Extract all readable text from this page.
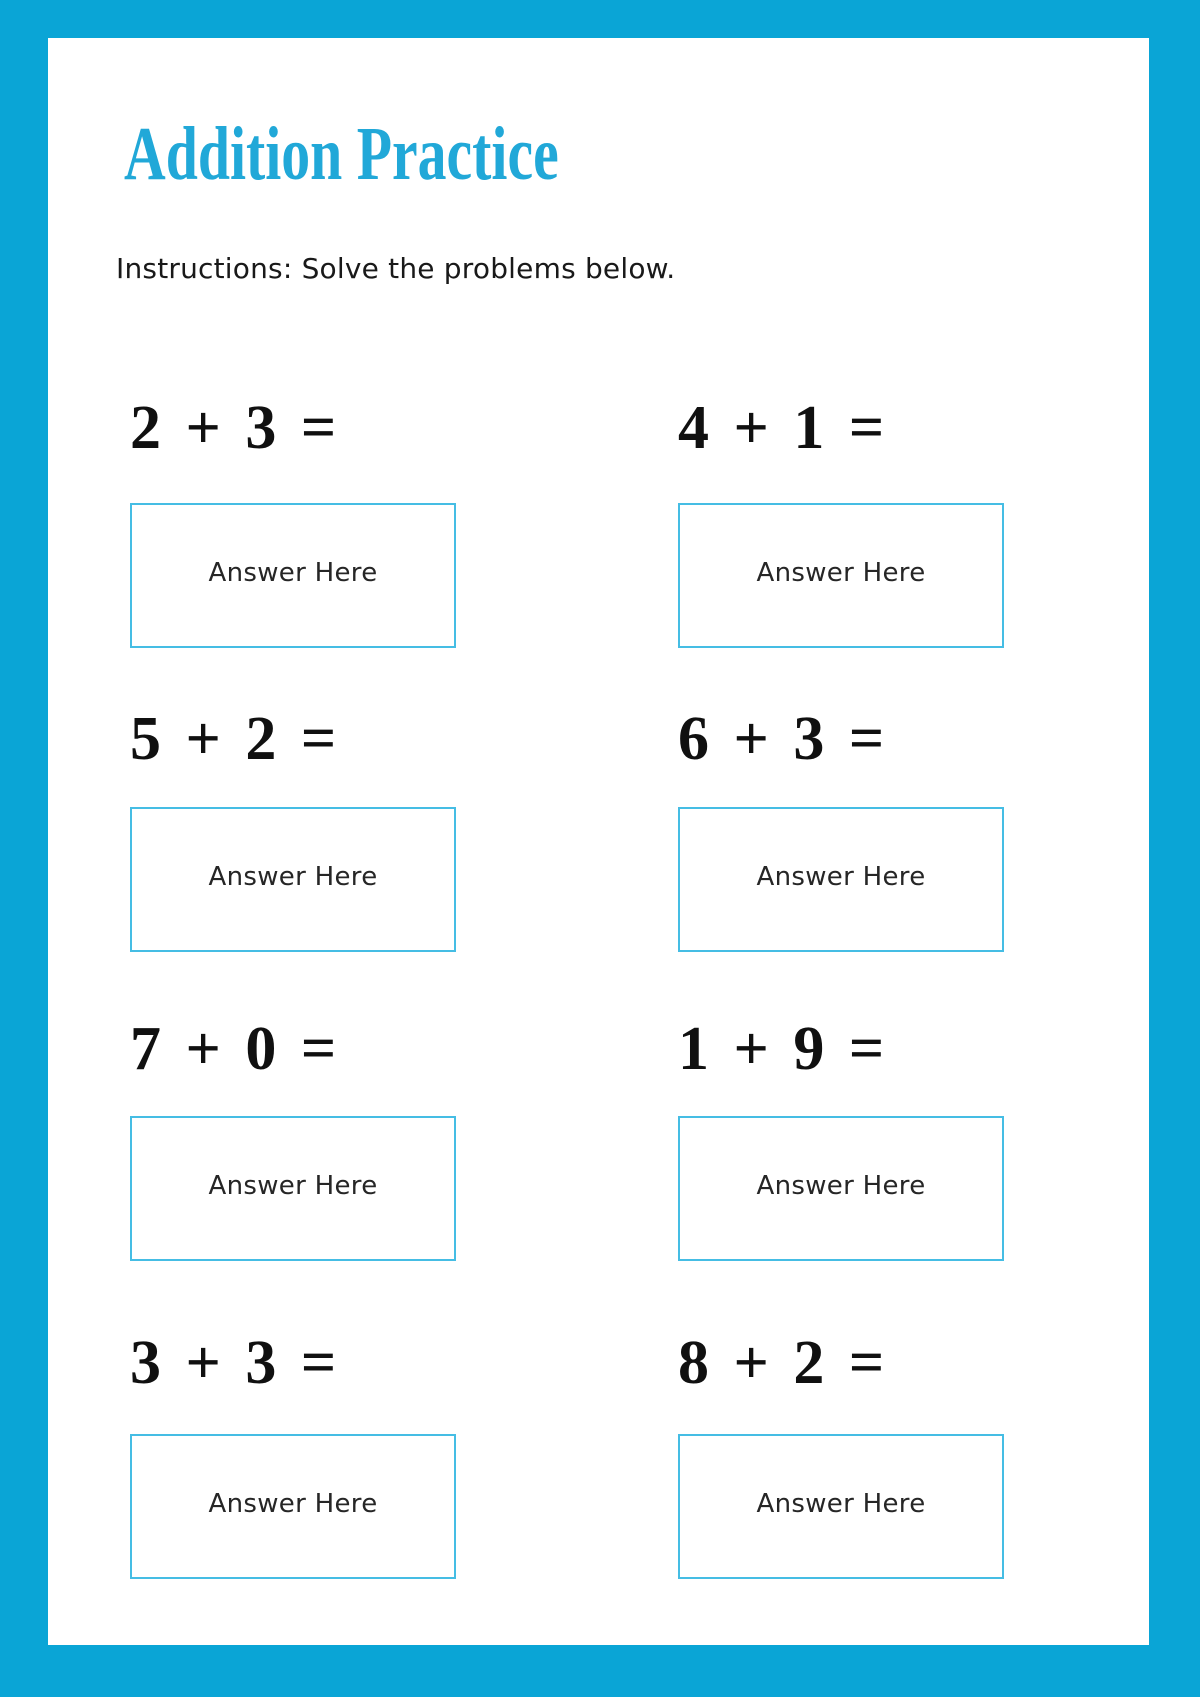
Addition Practice

Instructions: Solve the problems below.

2 + 3 =
Answer Here
4 + 1 =
Answer Here
5 + 2 =
Answer Here
6 + 3 =
Answer Here
7 + 0 =
Answer Here
1 + 9 =
Answer Here
3 + 3 =
Answer Here
8 + 2 =
Answer Here
